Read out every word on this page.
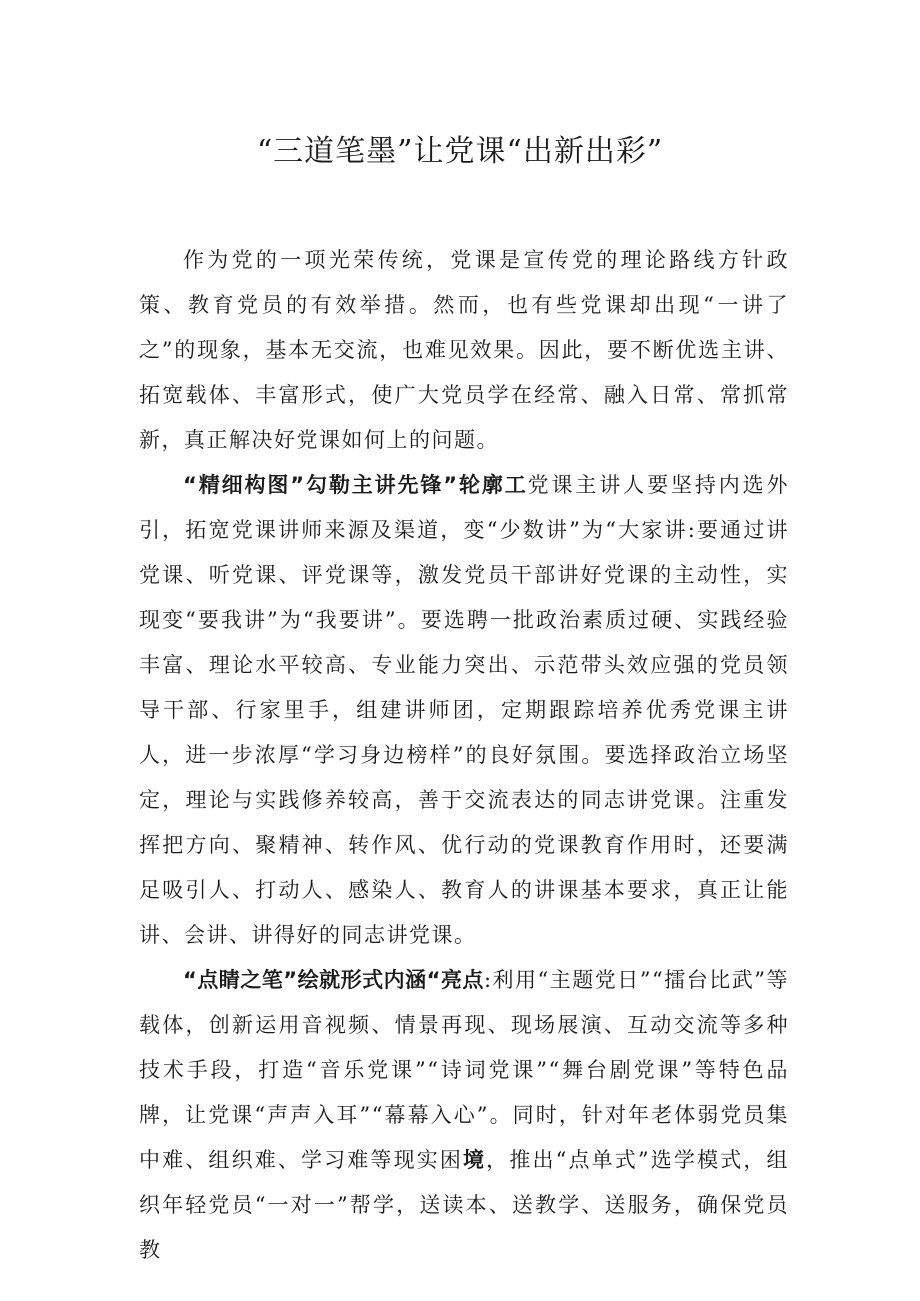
“三道笔墨”让党课“出新出彩”

作为党的一项光荣传统，党课是宣传党的理论路线方针政策、教育党员的有效举措。然而，也有些党课却出现“一讲了之”的现象，基本无交流，也难见效果。因此，要不断优选主讲、拓宽载体、丰富形式，使广大党员学在经常、融入日常、常抓常新，真正解决好党课如何上的问题。

“精细构图”勾勒主讲先锋”轮廓工党课主讲人要坚持内选外引，拓宽党课讲师来源及渠道，变“少数讲”为“大家讲:要通过讲党课、听党课、评党课等，激发党员干部讲好党课的主动性，实现变“要我讲”为“我要讲”。要选聘一批政治素质过硬、实践经验丰富、理论水平较高、专业能力突出、示范带头效应强的党员领导干部、行家里手，组建讲师团，定期跟踪培养优秀党课主讲人，进一步浓厚“学习身边榜样”的良好氛围。要选择政治立场坚定，理论与实践修养较高，善于交流表达的同志讲党课。注重发挥把方向、聚精神、转作风、优行动的党课教育作用时，还要满足吸引人、打动人、感染人、教育人的讲课基本要求，真正让能讲、会讲、讲得好的同志讲党课。

“点睛之笔”绘就形式内涵“亮点:利用“主题党日”“擂台比武”等载体，创新运用音视频、情景再现、现场展演、互动交流等多种技术手段，打造“音乐党课”“诗词党课”“舞台剧党课”等特色品牌，让党课“声声入耳”“幕幕入心”。同时，针对年老体弱党员集中难、组织难、学习难等现实困境，推出“点单式”选学模式，组织年轻党员“一对一”帮学，送读本、送教学、送服务，确保党员教
